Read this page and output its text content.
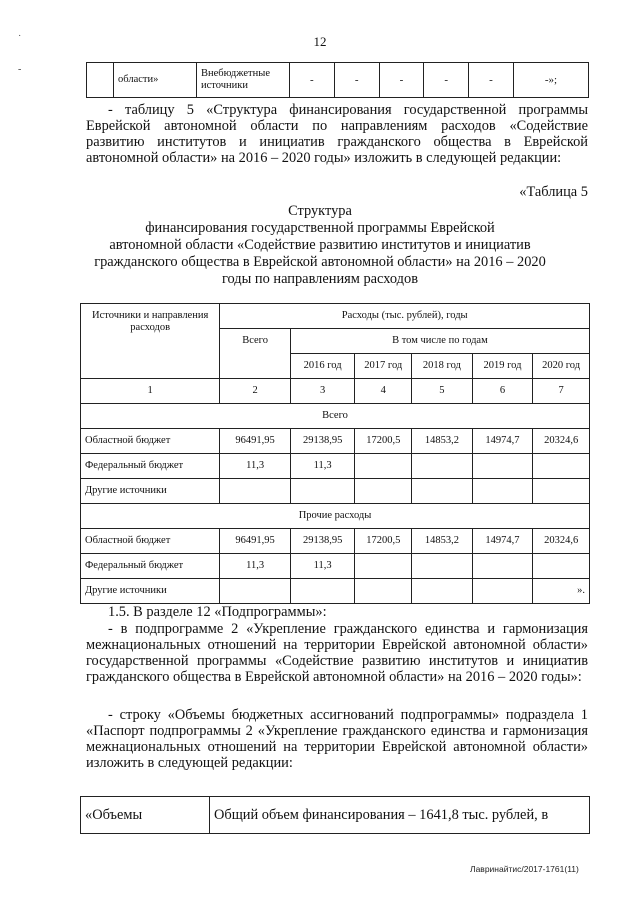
12
˙
-
	области»	Внебюджетные источники	-	-	-	-	-	-»;
- таблицу 5 «Структура финансирования государственной программы Еврейской автономной области по направлениям расходов «Содействие развитию институтов и инициатив гражданского общества в Еврейской автономной области» на 2016 – 2020 годы» изложить в следующей редакции:
«Таблица 5
Структура
финансирования государственной программы Еврейской
автономной области «Содействие развитию институтов и инициатив
гражданского общества в Еврейской автономной области» на 2016 – 2020
годы по направлениям расходов
Источники и направления расходов	Расходы (тыс. рублей), годы					
	Всего	В том числе по годам				
		2016 год	2017 год	2018 год	2019 год	2020 год
1	2	3	4	5	6	7
Всего						
Областной бюджет	96491,95	29138,95	17200,5	14853,2	14974,7	20324,6
Федеральный бюджет	11,3	11,3				
Другие источники						
Прочие расходы						
Областной бюджет	96491,95	29138,95	17200,5	14853,2	14974,7	20324,6
Федеральный бюджет	11,3	11,3				
Другие источники						».
1.5. В разделе 12 «Подпрограммы»:
- в подпрограмме 2 «Укрепление гражданского единства и гармонизация межнациональных отношений на территории Еврейской автономной области» государственной программы «Содействие развитию институтов и инициатив гражданского общества в Еврейской автономной области» на 2016 – 2020 годы»:
- строку «Объемы бюджетных ассигнований подпрограммы» подраздела 1 «Паспорт подпрограммы 2 «Укрепление гражданского единства и гармонизация межнациональных отношений на территории Еврейской автономной области» изложить в следующей редакции:
«Объемы	Общий объем финансирования – 1641,8 тыс. рублей, в
Лавринайтис/2017-1761(11)
